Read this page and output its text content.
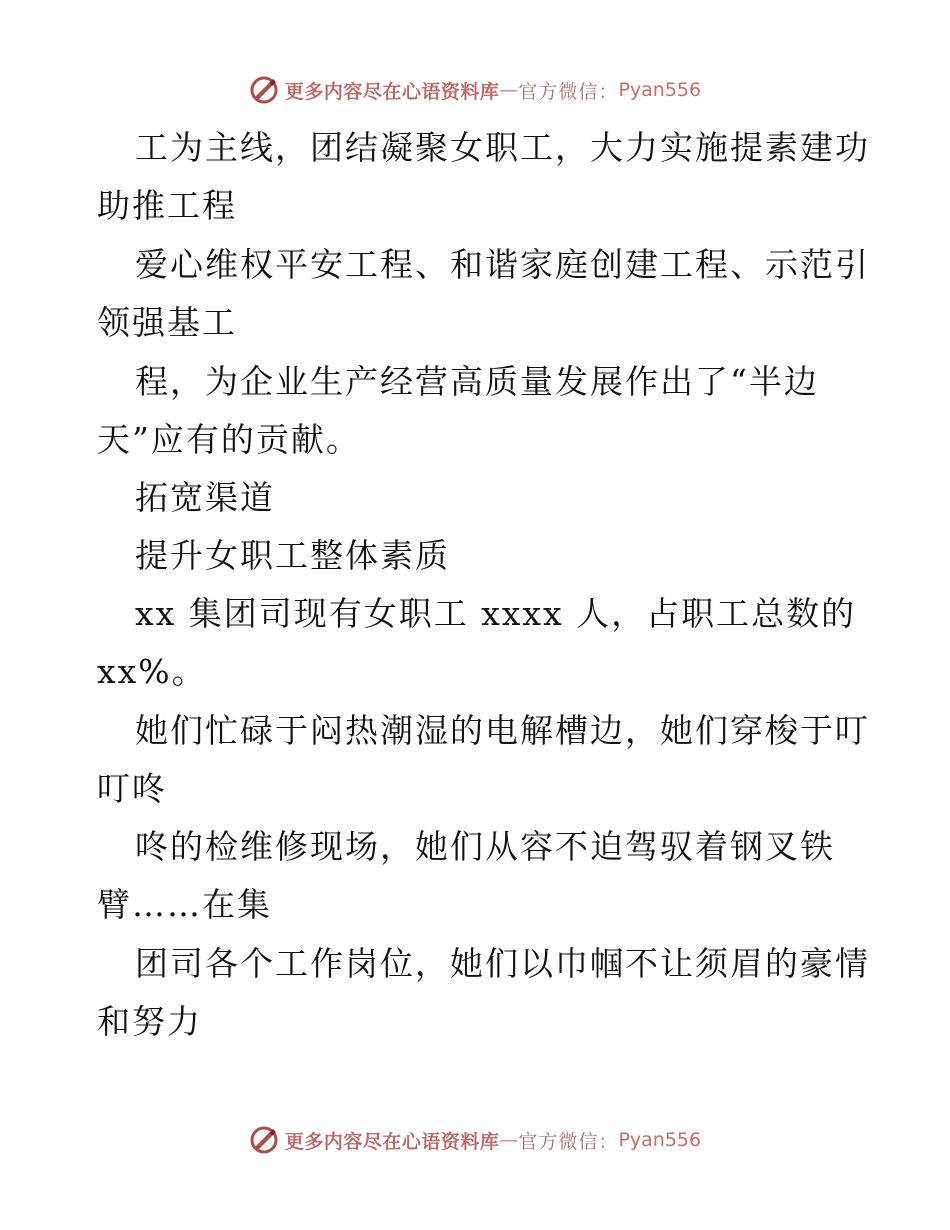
更多内容尽在心语资料库 — 官方微信： Pyan556
工为主线，团结凝聚女职工，大力实施提素建功
助推工程
爱心维权平安工程、和谐家庭创建工程、示范引
领强基工
程，为企业生产经营高质量发展作出了“半边
天”应有的贡献。
拓宽渠道
提升女职工整体素质
xx 集团司现有女职工 xxxx 人，占职工总数的
xx%。
她们忙碌于闷热潮湿的电解槽边，她们穿梭于叮
叮咚
咚的检维修现场，她们从容不迫驾驭着钢叉铁
臂……在集
团司各个工作岗位，她们以巾帼不让须眉的豪情
和努力
更多内容尽在心语资料库 — 官方微信： Pyan556
